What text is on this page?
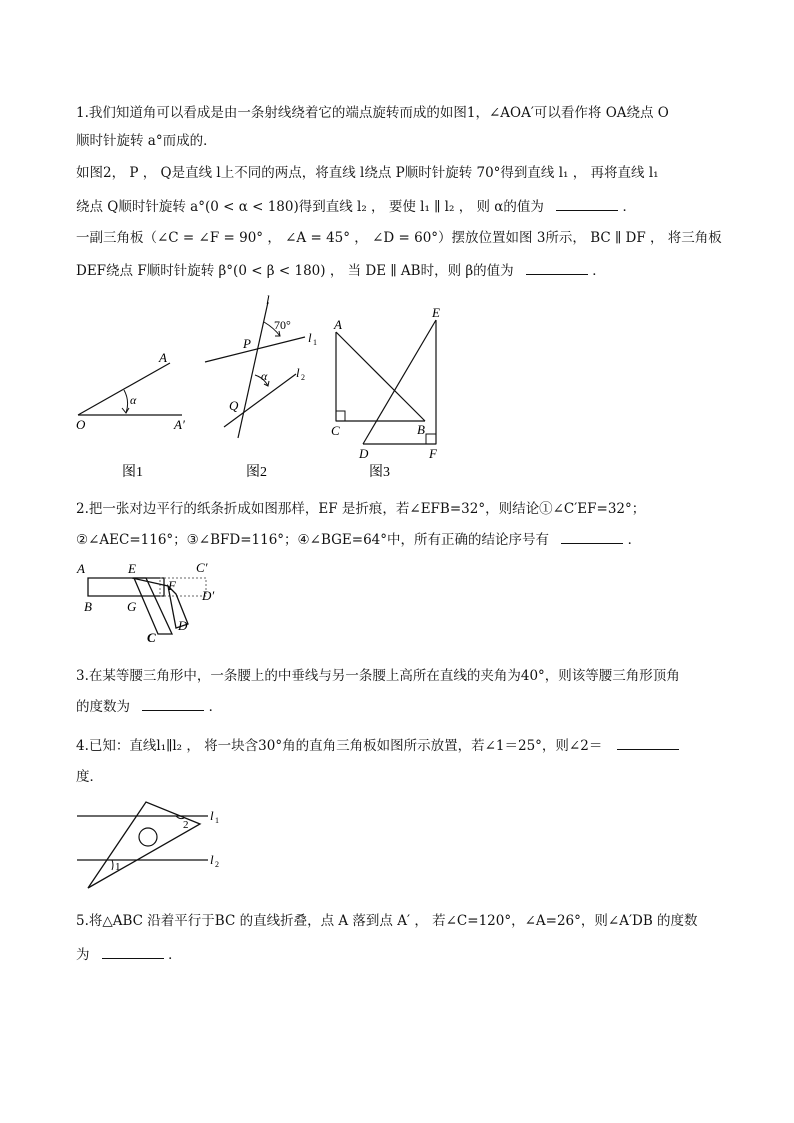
1.我们知道角可以看成是由一条射线绕着它的端点旋转而成的如图1，∠AOA′可以看作将 OA绕点 O
顺时针旋转 a°而成的．
如图2， P ， Q是直线 l上不同的两点，将直线 l绕点 P顺时针旋转 70°得到直线 l₁ ， 再将直线 l₁
绕点 Q顺时针旋转 a°(0 < α < 180)得到直线 l₂ ， 要使 l₁ ∥ l₂ ， 则 α的值为	．
一副三角板（∠C = ∠F = 90° ， ∠A = 45° ， ∠D = 60°）摆放位置如图 3所示， BC ∥ DF ， 将三角板
DEF绕点 F顺时针旋转 β°(0 < β < 180) ， 当 DE ∥ AB时，则 β的值为	．
A
O	A′
α
图1
l
70°
P	l 1
α l 2
Q
图2
A
E
C	B
D	F
图3
2.把一张对边平行的纸条折成如图那样，EF 是折痕，若∠EFB=32°，则结论①∠C′EF=32°；
②∠AEC=116°；③∠BFD=116°；④∠BGE=64°中，所有正确的结论序号有	．
A	E	C′
F
D′
B	G
C
D
3.在某等腰三角形中，一条腰上的中垂线与另一条腰上高所在直线的夹角为40°，则该等腰三角形顶角
的度数为	．
4.已知：直线l₁∥l₂ ， 将一块含30°角的直角三角板如图所示放置，若∠1＝25°，则∠2＝
度．
l 1
l 2
1
2
5.将△ABC 沿着平行于BC 的直线折叠，点 A 落到点 A′ ， 若∠C=120°，∠A=26°，则∠A′DB 的度数
为	．
